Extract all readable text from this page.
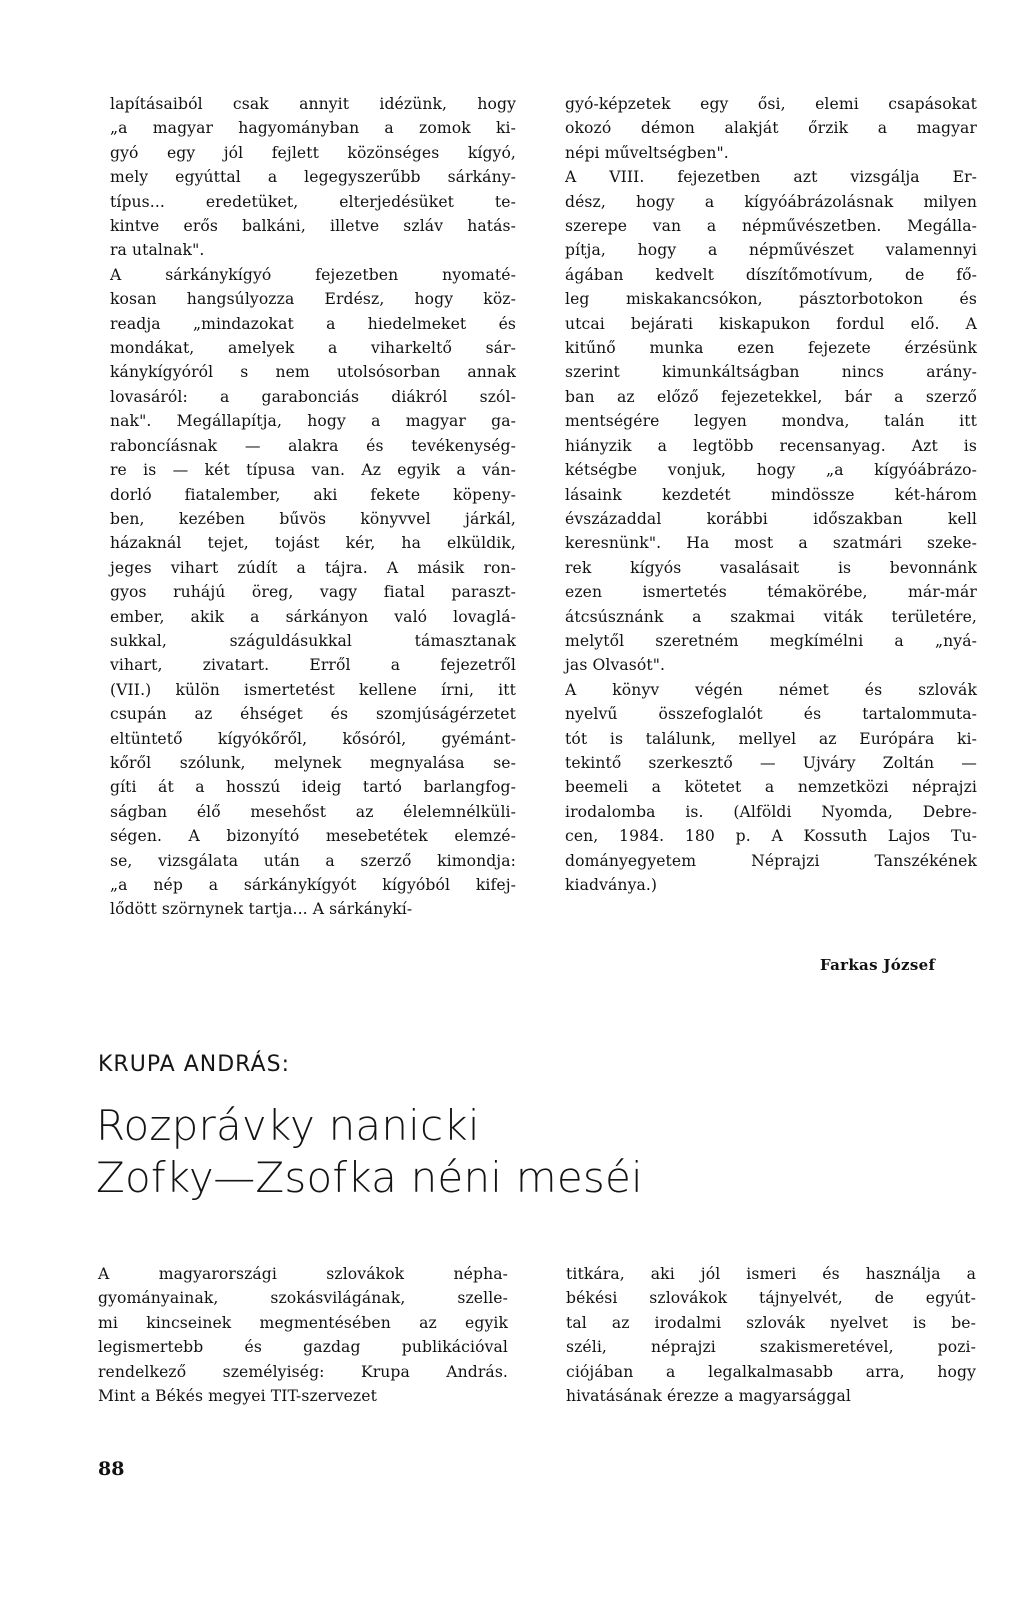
lapításaiból csak annyit idézünk, hogy
„a magyar hagyományban a zomok ki-
gyó egy jól fejlett közönséges kígyó,
mely egyúttal a legegyszerűbb sárkány-
típus... eredetüket, elterjedésüket te-
kintve erős balkáni, illetve szláv hatás-
ra utalnak".
A sárkánykígyó fejezetben nyomaté-
kosan hangsúlyozza Erdész, hogy köz-
readja „mindazokat a hiedelmeket és
mondákat, amelyek a viharkeltő sár-
kánykígyóról s nem utolsósorban annak
lovasáról: a garabonciás diákról szól-
nak". Megállapítja, hogy a magyar ga-
raboncíásnak — alakra és tevékenység-
re is — két típusa van. Az egyik a ván-
dorló fiatalember, aki fekete köpeny-
ben, kezében bűvös könyvvel járkál,
házaknál tejet, tojást kér, ha elküldik,
jeges vihart zúdít a tájra. A másik ron-
gyos ruhájú öreg, vagy fiatal paraszt-
ember, akik a sárkányon való lovaglá-
sukkal, száguldásukkal támasztanak
vihart, zivatart. Erről a fejezetről
(VII.) külön ismertetést kellene írni, itt
csupán az éhséget és szomjúságérzetet
eltüntető kígyókőről, kősóról, gyémánt-
kőről szólunk, melynek megnyalása se-
gíti át a hosszú ideig tartó barlangfog-
ságban élő mesehőst az élelemnélküli-
ségen. A bizonyító mesebetétek elemzé-
se, vizsgálata után a szerző kimondja:
„a nép a sárkánykígyót kígyóból kifej-
lődött szörnynek tartja... A sárkánykí-
gyó-képzetek egy ősi, elemi csapásokat
okozó démon alakját őrzik a magyar
népi műveltségben".
A VIII. fejezetben azt vizsgálja Er-
dész, hogy a kígyóábrázolásnak milyen
szerepe van a népművészetben. Megálla-
pítja, hogy a népművészet valamennyi
ágában kedvelt díszítőmotívum, de fő-
leg miskakancsókon, pásztorbotokon és
utcai bejárati kiskapukon fordul elő. A
kitűnő munka ezen fejezete érzésünk
szerint kimunkáltságban nincs arány-
ban az előző fejezetekkel, bár a szerző
mentségére legyen mondva, talán itt
hiányzik a legtöbb recensanyag. Azt is
kétségbe vonjuk, hogy „a kígyóábrázo-
lásaink kezdetét mindössze két-három
évszázaddal korábbi időszakban kell
keresnünk". Ha most a szatmári szeke-
rek kígyós vasalásait is bevonnánk
ezen ismertetés témakörébe, már-már
átcsúsznánk a szakmai viták területére,
melytől szeretném megkímélni a „nyá-
jas Olvasót".
A könyv végén német és szlovák
nyelvű összefoglalót és tartalommuta-
tót is találunk, mellyel az Európára ki-
tekintő szerkesztő — Ujváry Zoltán —
beemeli a kötetet a nemzetközi néprajzi
irodalomba is. (Alföldi Nyomda, Debre-
cen, 1984. 180 p. A Kossuth Lajos Tu-
dományegyetem Néprajzi Tanszékének
kiadványa.)
Farkas József
KRUPA ANDRÁS:
Rozprávky nanicki
Zofky—Zsofka néni meséi
A magyarországi szlovákok népha-
gyományainak, szokásvilágának, szelle-
mi kincseinek megmentésében az egyik
legismertebb és gazdag publikációval
rendelkező személyiség: Krupa András.
Mint a Békés megyei TIT-szervezet
titkára, aki jól ismeri és használja a
békési szlovákok tájnyelvét, de egyút-
tal az irodalmi szlovák nyelvet is be-
széli, néprajzi szakismeretével, pozi-
ciójában a legalkalmasabb arra, hogy
hivatásának érezze a magyarsággal
88
